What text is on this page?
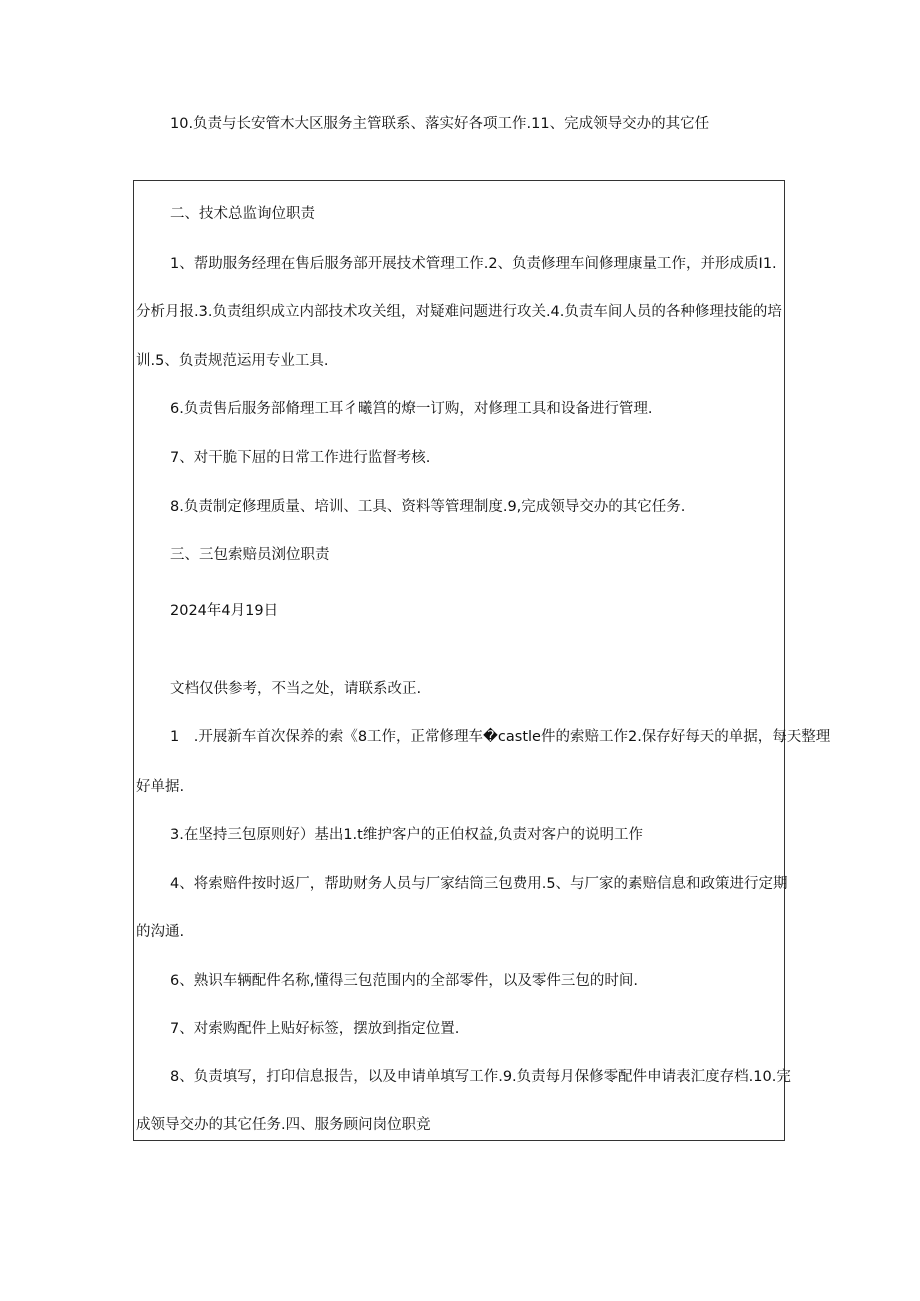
10.负责与长安管木大区服务主管联系、落实好各项工作.11、完成领导交办的其它任

二、技术总监询位职责

1、帮助服务经理在售后服务部开展技术管理工作.2、负责修理车间修理康量工作，并形成质I1.

分析月报.3.负责组织成立内部技术攻关组，对疑难问题进行攻关.4.负责车间人员的各种修理技能的培

训.5、负责规范运用专业工具.

6.负责售后服务部脩理工耳彳曦筥的燎一订购，对修理工具和设备进行管理.

7、对干脆下屈的日常工作进行监督考核.

8.负责制定修理质量、培训、工具、资料等管理制度.9,完成领导交办的其它任务.

三、三包索赔员浏位职责

2024年4月19日

文档仅供参考，不当之处，请联系改正.

1　.开展新车首次保养的索《8工作，正常修理车�castle件的索赔工作2.保存好每天的单据，每天整理

好单据.

3.在坚持三包原则好）基出1.t维护客户的正伯权益,负责对客户的说明工作

4、将索赔件按时返厂，帮助财务人员与厂家结筒三包费用.5、与厂家的素赔信息和政策进行定期

的沟通.

6、熟识车辆配件名称,懂得三包范围内的全部零件，以及零件三包的时间.

7、对索购配件上贴好标签，摆放到指定位置.

8、负责填写，打印信息报告，以及申请单填写工作.9.负责每月保修零配件申请表汇度存档.10.完

成领导交办的其它任务.四、服务顾问岗位职竞
